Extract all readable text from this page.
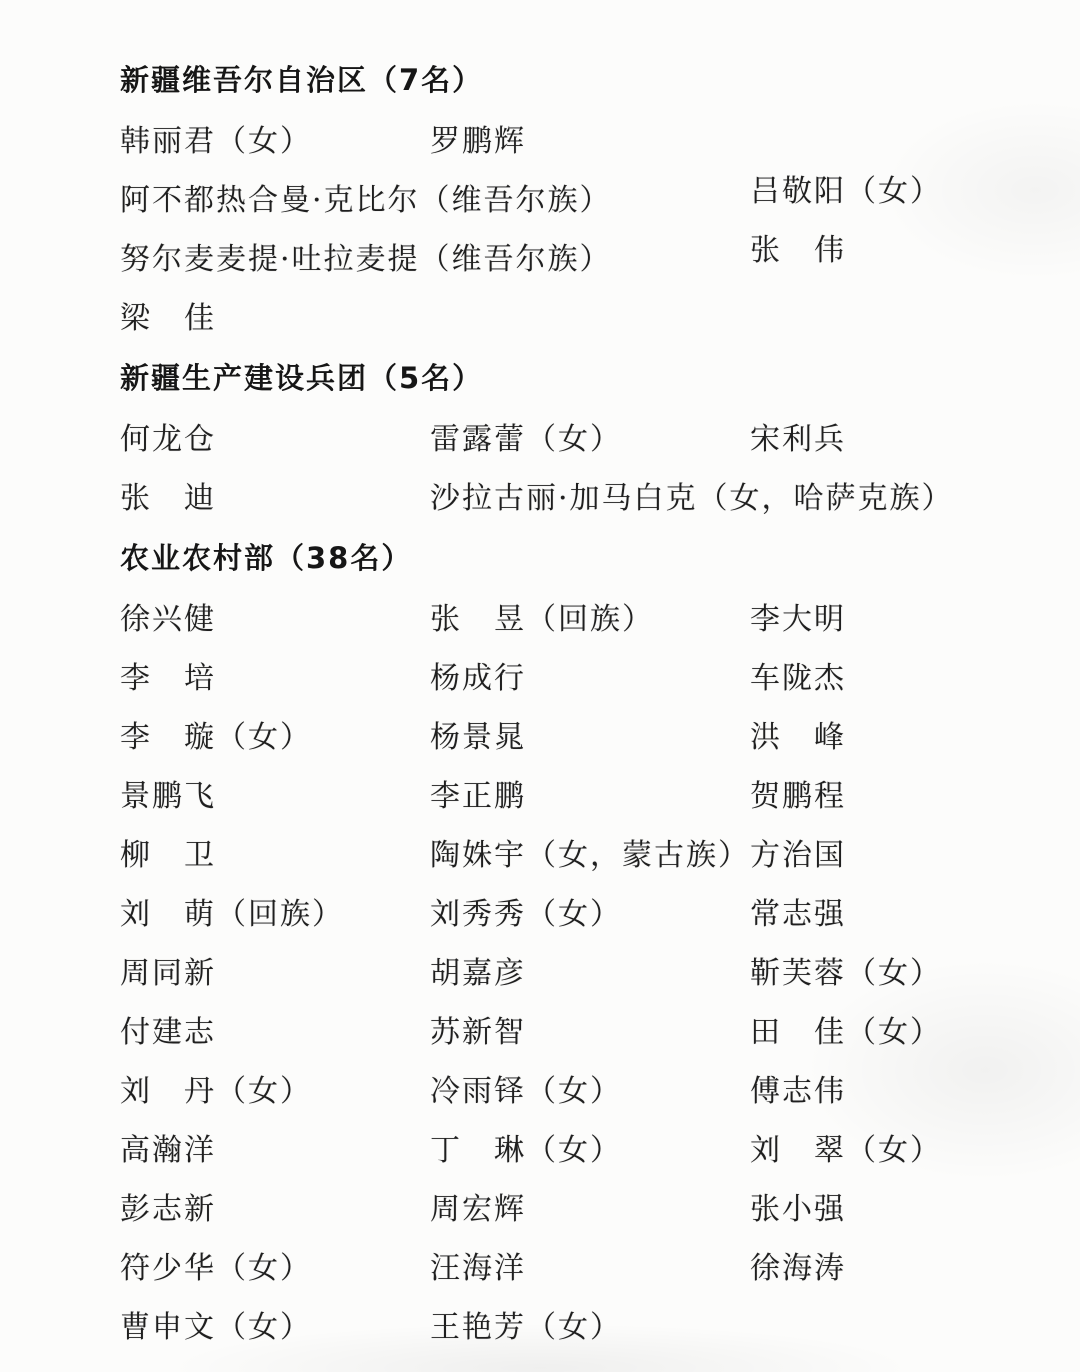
新疆维吾尔自治区（7名）
韩丽君（女）	罗鹏辉
阿不都热合曼·克比尔（维吾尔族）	吕敬阳（女）
努尔麦麦提·吐拉麦提（维吾尔族）	张　伟
梁　佳
新疆生产建设兵团（5名）
何龙仓	雷露蕾（女）	宋利兵
张　迪	沙拉古丽·加马白克（女，哈萨克族）
农业农村部（38名）
徐兴健	张　昱（回族）	李大明
李　培	杨成行	车陇杰
李　璇（女）	杨景晁	洪　峰
景鹏飞	李正鹏	贺鹏程
柳　卫	陶姝宇（女，蒙古族） 方治国
刘　萌（回族）	刘秀秀（女）	常志强
周同新	胡嘉彦	靳芙蓉（女）
付建志	苏新智	田　佳（女）
刘　丹（女）	冷雨铎（女）	傅志伟
高瀚洋	丁　琳（女）	刘　翠（女）
彭志新	周宏辉	张小强
符少华（女）	汪海洋	徐海涛
曹申文（女）	王艳芳（女）
